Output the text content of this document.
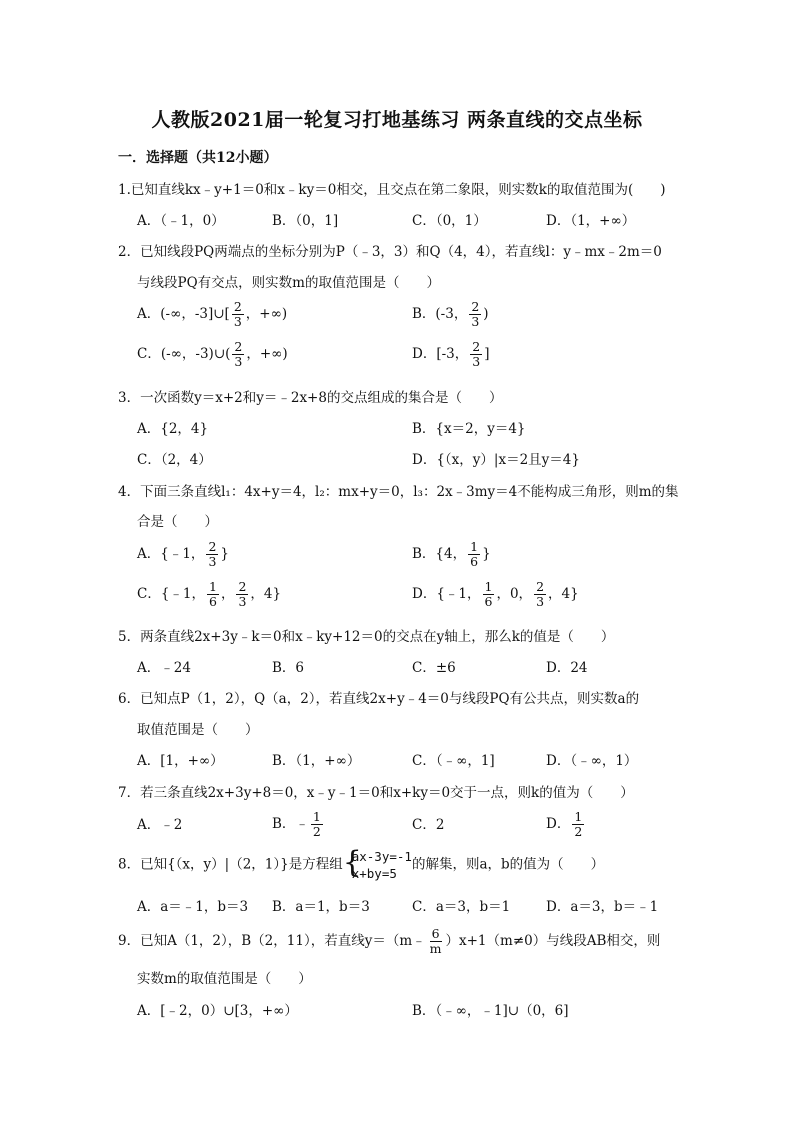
人教版2021届一轮复习打地基练习 两条直线的交点坐标
一．选择题（共12小题）
1.已知直线kx﹣y+1＝0和x﹣ky＝0相交，且交点在第二象限，则实数k的取值范围为(　　)
A．（﹣1，0）	B．（0，1]	C．（0，1）	D．（1，+∞）
2．已知线段PQ两端点的坐标分别为P（﹣3，3）和Q（4，4），若直线l：y﹣mx﹣2m＝0
与线段PQ有交点，则实数m的取值范围是（　　）
A．(-∞，-3]∪[ $\frac{2}{3}$ ，+∞)	B．(-3， $\frac{2}{3}$ )
C．(-∞，-3)∪( $\frac{2}{3}$ ，+∞)	D．[-3， $\frac{2}{3}$ ]
3．一次函数y＝x+2和y＝﹣2x+8的交点组成的集合是（　　）
A．{2，4}	B．{x＝2，y＝4}
C．（2，4）	D．{（x，y）|x＝2且y＝4}
4．下面三条直线l₁：4x+y＝4，l₂：mx+y＝0，l₃：2x﹣3my＝4不能构成三角形，则m的集
合是（　　）
A．{﹣1， $\frac{2}{3}$ }	B．{4， $\frac{1}{6}$ }
C．{﹣1， $\frac{1}{6}$ ， $\frac{2}{3}$ ，4}	D．{﹣1， $\frac{1}{6}$ ，0， $\frac{2}{3}$ ，4}
5．两条直线2x+3y﹣k＝0和x﹣ky+12＝0的交点在y轴上，那么k的值是（　　）
A．﹣24	B．6	C．±6	D．24
6．已知点P（1，2），Q（a，2），若直线2x+y﹣4＝0与线段PQ有公共点，则实数a的
取值范围是（　　）
A．[1，+∞）	B．（1，+∞）	C．（﹣∞，1]	D．（﹣∞，1）
7．若三条直线2x+3y+8＝0，x﹣y﹣1＝0和x+ky＝0交于一点，则k的值为（　　）
A．﹣2	B．﹣ $\frac{1}{2}$	C．2	D． $\frac{1}{2}$
8．已知{（x，y）|（2，1）}是方程组 {
ax-3y=-1
x+by=5
的解集，则a，b的值为（　　）
A．a＝﹣1，b＝3 B．a＝1，b＝3	C．a＝3，b＝1	D．a＝3，b＝﹣1
9．已知A（1，2），B（2，11），若直线y＝（m﹣ $\frac{6}{m} )x+1(m\ne 0)$与线段AB相交，则
实数m的取值范围是（　　）
A．[﹣2，0）∪[3，+∞）	B．（﹣∞，﹣1]∪（0，6]
